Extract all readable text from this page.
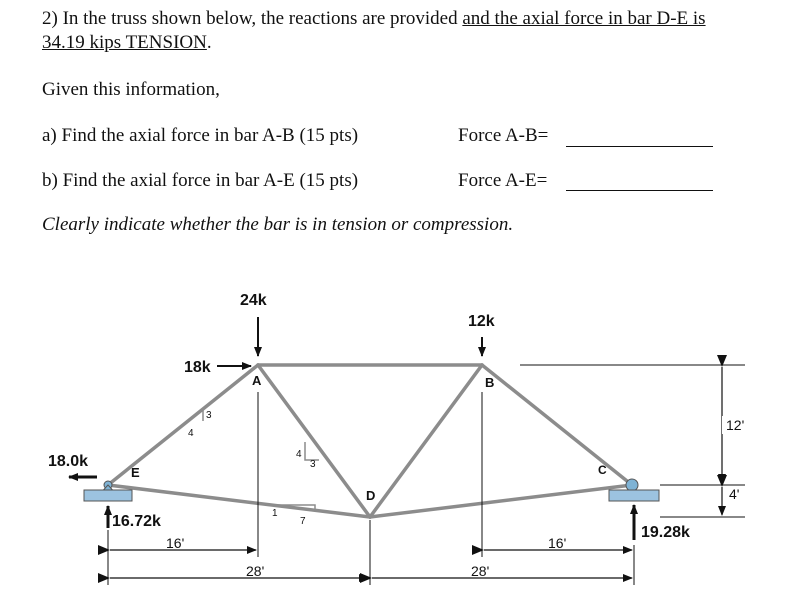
2) In the truss shown below, the reactions are provided and the axial force in bar D-E is
34.19 kips TENSION.
Given this information,
a) Find the axial force in bar A-B (15 pts)	Force A-B=
b) Find the axial force in bar A-E (15 pts)	Force A-E=
Clearly indicate whether the bar is in tension or compression.
3
4
4
3
1
7
24k
18k
12k
18.0k
16.72k
19.28k
A	B
C
D
E
16'	16'
28'	28'
12'
4'
